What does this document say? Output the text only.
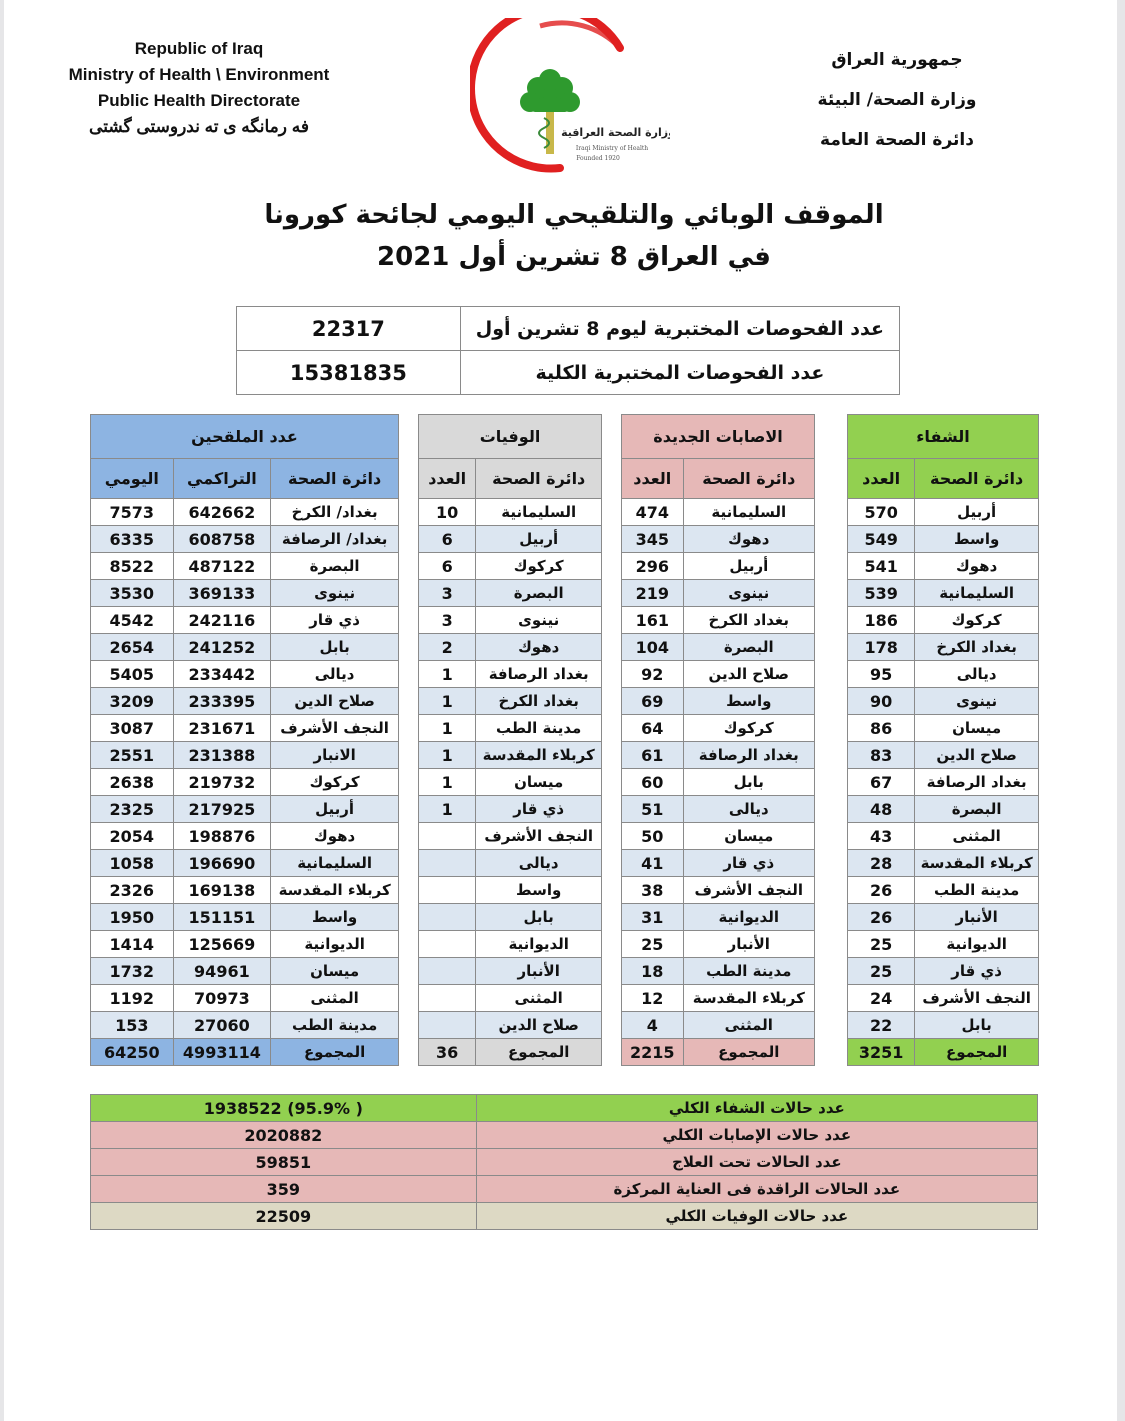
Republic of Iraq
Ministry of Health \ Environment
Public Health Directorate
فه رمانگه ی ته ندروستی گشتی	وزارة الصحة العراقية
Iraqi Ministry of Health
Founded 1920
جمهورية العراق
وزارة الصحة/ البيئة
دائرة الصحة العامة
الموقف الوبائي والتلقيحي اليومي لجائحة كورونا
في العراق 8 تشرين أول 2021
عدد الفحوصات المختبرية ليوم 8 تشرين أول	22317
عدد الفحوصات المختبرية الكلية	15381835
الشفاء	
دائرة الصحة	العدد
أربيل	570
واسط	549
دهوك	541
السليمانية	539
كركوك	186
بغداد الكرخ	178
ديالى	95
نينوى	90
ميسان	86
صلاح الدين	83
بغداد الرصافة	67
البصرة	48
المثنى	43
كربلاء المقدسة	28
مدينة الطب	26
الأنبار	26
الديوانية	25
ذي قار	25
النجف الأشرف	24
بابل	22
المجموع	3251
الاصابات الجديدة	
دائرة الصحة	العدد
السليمانية	474
دهوك	345
أربيل	296
نينوى	219
بغداد الكرخ	161
البصرة	104
صلاح الدين	92
واسط	69
كركوك	64
بغداد الرصافة	61
بابل	60
ديالى	51
ميسان	50
ذي قار	41
النجف الأشرف	38
الديوانية	31
الأنبار	25
مدينة الطب	18
كربلاء المقدسة	12
المثنى	4
المجموع	2215
الوفيات	
دائرة الصحة	العدد
السليمانية	10
أربيل	6
كركوك	6
البصرة	3
نينوى	3
دهوك	2
بغداد الرصافة	1
بغداد الكرخ	1
مدينة الطب	1
كربلاء المقدسة	1
ميسان	1
ذي قار	1
النجف الأشرف	
ديالى	
واسط	
بابل	
الديوانية	
الأنبار	
المثنى	
صلاح الدين	
المجموع	36
عدد الملقحين		
دائرة الصحة	التراكمي	اليومي
بغداد/ الكرخ	642662	7573
بغداد/ الرصافة	608758	6335
البصرة	487122	8522
نينوى	369133	3530
ذي قار	242116	4542
بابل	241252	2654
ديالى	233442	5405
صلاح الدين	233395	3209
النجف الأشرف	231671	3087
الانبار	231388	2551
كركوك	219732	2638
أربيل	217925	2325
دهوك	198876	2054
السليمانية	196690	1058
كربلاء المقدسة	169138	2326
واسط	151151	1950
الديوانية	125669	1414
ميسان	94961	1732
المثنى	70973	1192
مدينة الطب	27060	153
المجموع	4993114	64250
عدد حالات الشفاء الكلي	( 95.9%) 1938522
عدد حالات الإصابات الكلي	2020882
عدد الحالات تحت العلاج	59851
عدد الحالات الراقدة فى العناية المركزة	359
عدد حالات الوفيات الكلي	22509
